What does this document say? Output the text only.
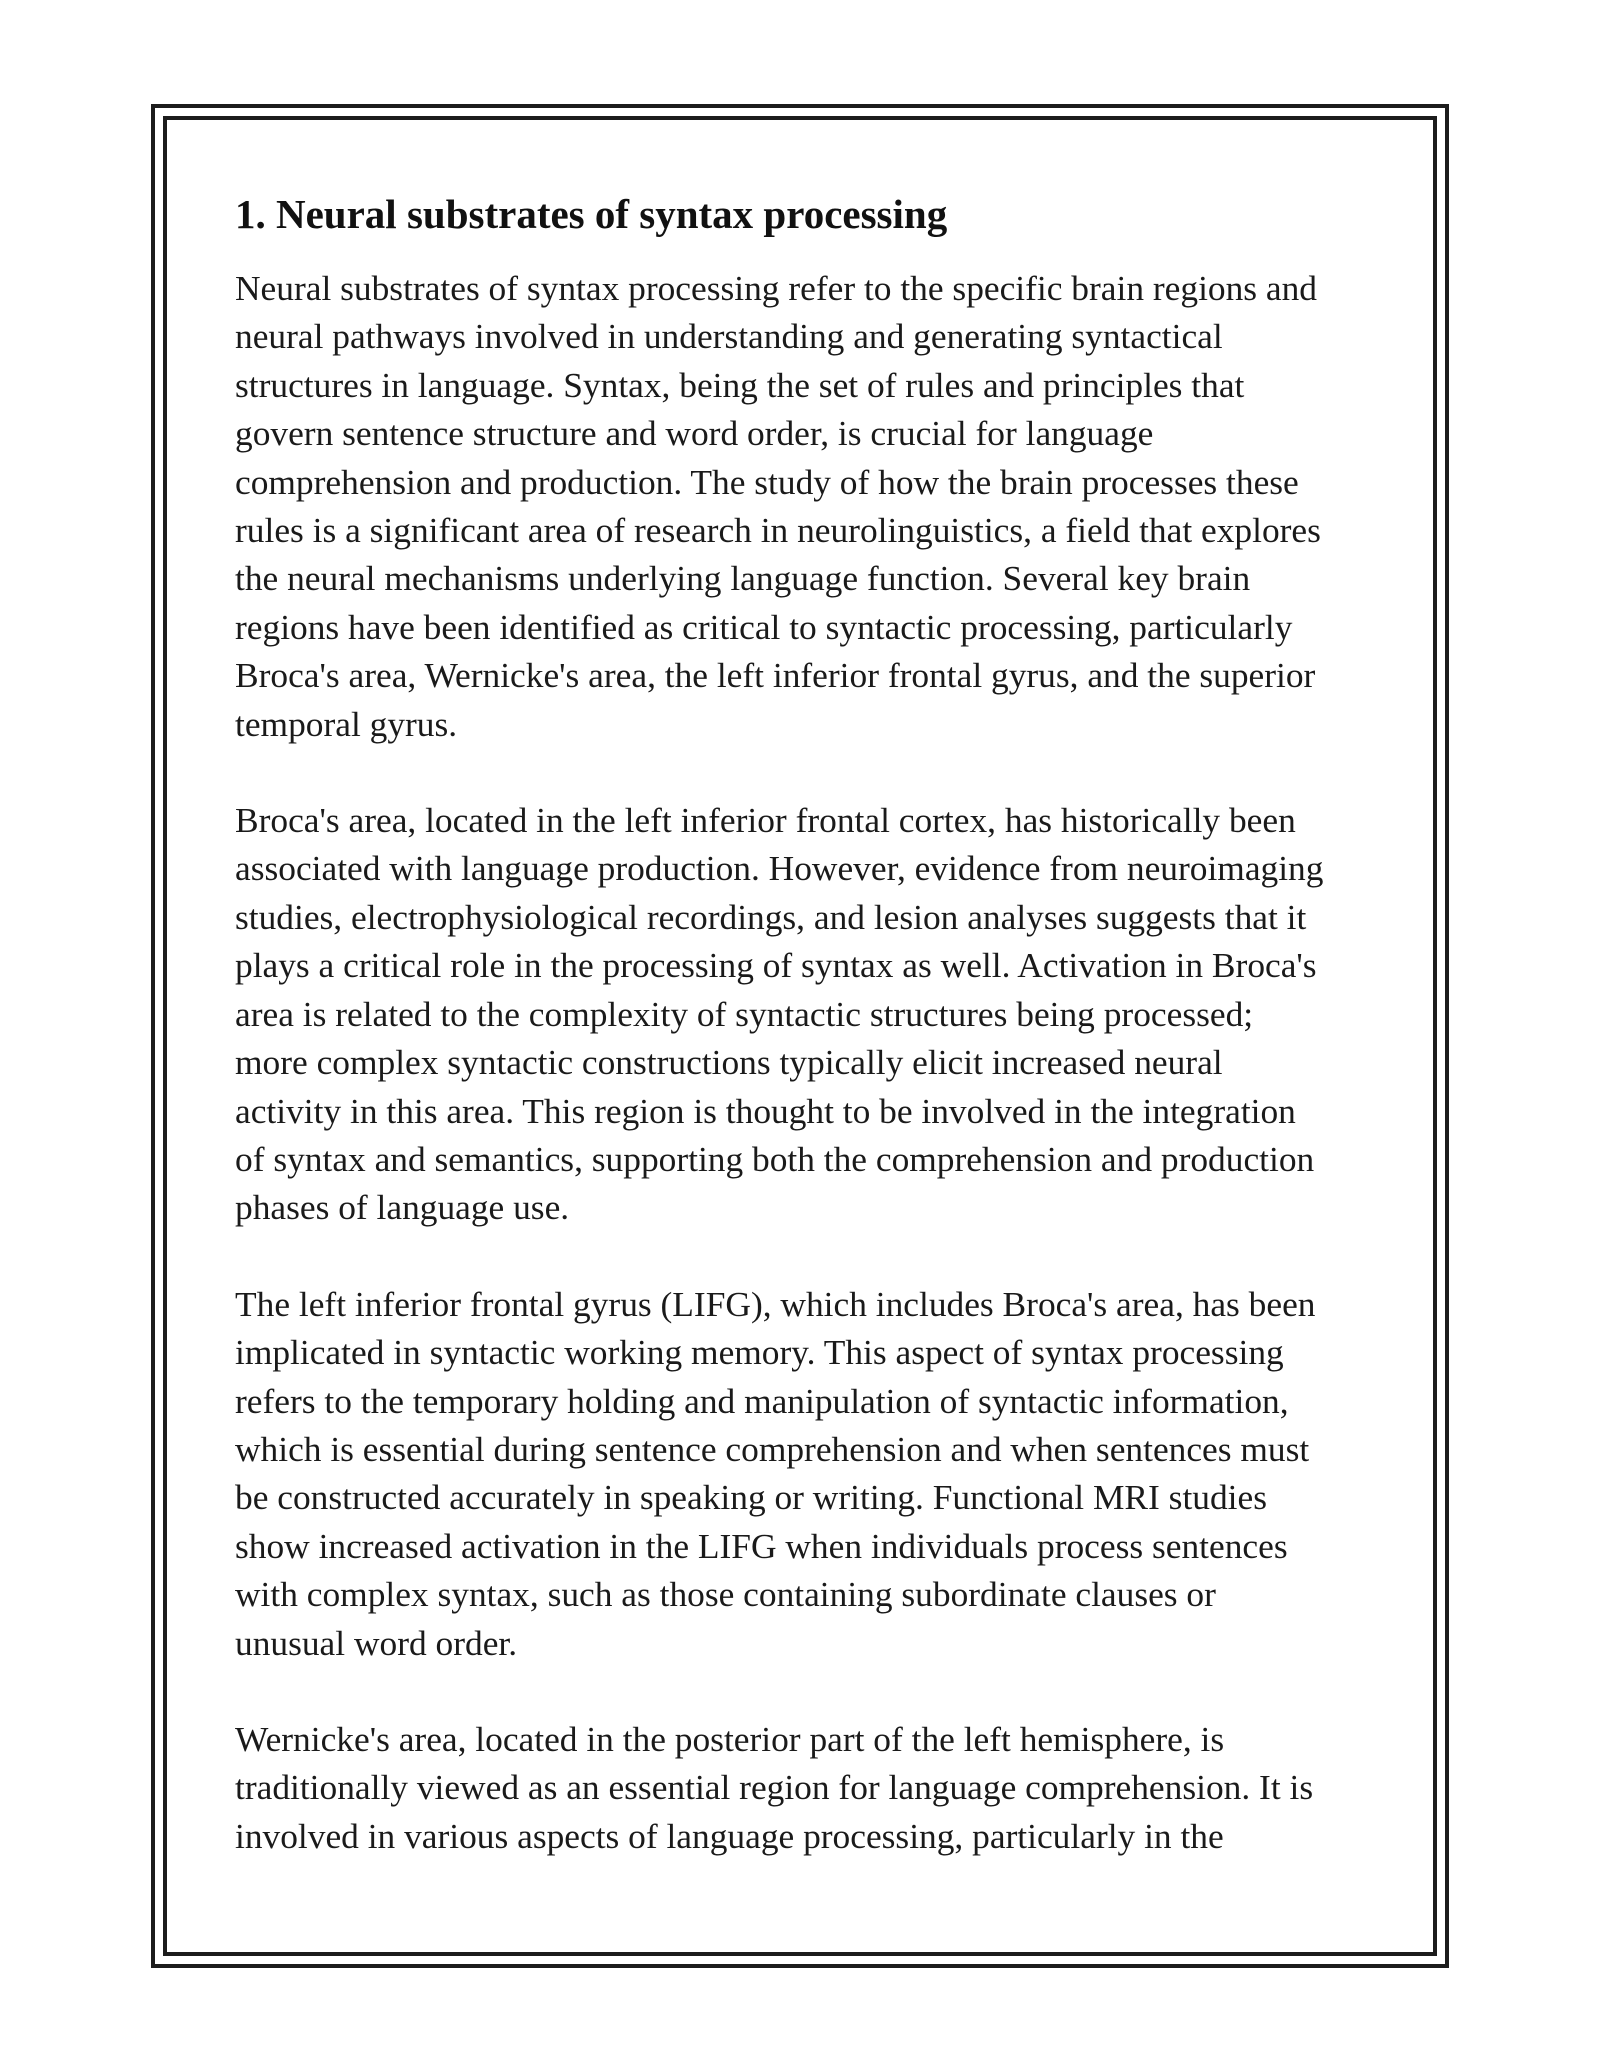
1. Neural substrates of syntax processing

Neural substrates of syntax processing refer to the specific brain regions and
neural pathways involved in understanding and generating syntactical
structures in language. Syntax, being the set of rules and principles that
govern sentence structure and word order, is crucial for language
comprehension and production. The study of how the brain processes these
rules is a significant area of research in neurolinguistics, a field that explores
the neural mechanisms underlying language function. Several key brain
regions have been identified as critical to syntactic processing, particularly
Broca's area, Wernicke's area, the left inferior frontal gyrus, and the superior
temporal gyrus.

Broca's area, located in the left inferior frontal cortex, has historically been
associated with language production. However, evidence from neuroimaging
studies, electrophysiological recordings, and lesion analyses suggests that it
plays a critical role in the processing of syntax as well. Activation in Broca's
area is related to the complexity of syntactic structures being processed;
more complex syntactic constructions typically elicit increased neural
activity in this area. This region is thought to be involved in the integration
of syntax and semantics, supporting both the comprehension and production
phases of language use.

The left inferior frontal gyrus (LIFG), which includes Broca's area, has been
implicated in syntactic working memory. This aspect of syntax processing
refers to the temporary holding and manipulation of syntactic information,
which is essential during sentence comprehension and when sentences must
be constructed accurately in speaking or writing. Functional MRI studies
show increased activation in the LIFG when individuals process sentences
with complex syntax, such as those containing subordinate clauses or
unusual word order.

Wernicke's area, located in the posterior part of the left hemisphere, is
traditionally viewed as an essential region for language comprehension. It is
involved in various aspects of language processing, particularly in the
